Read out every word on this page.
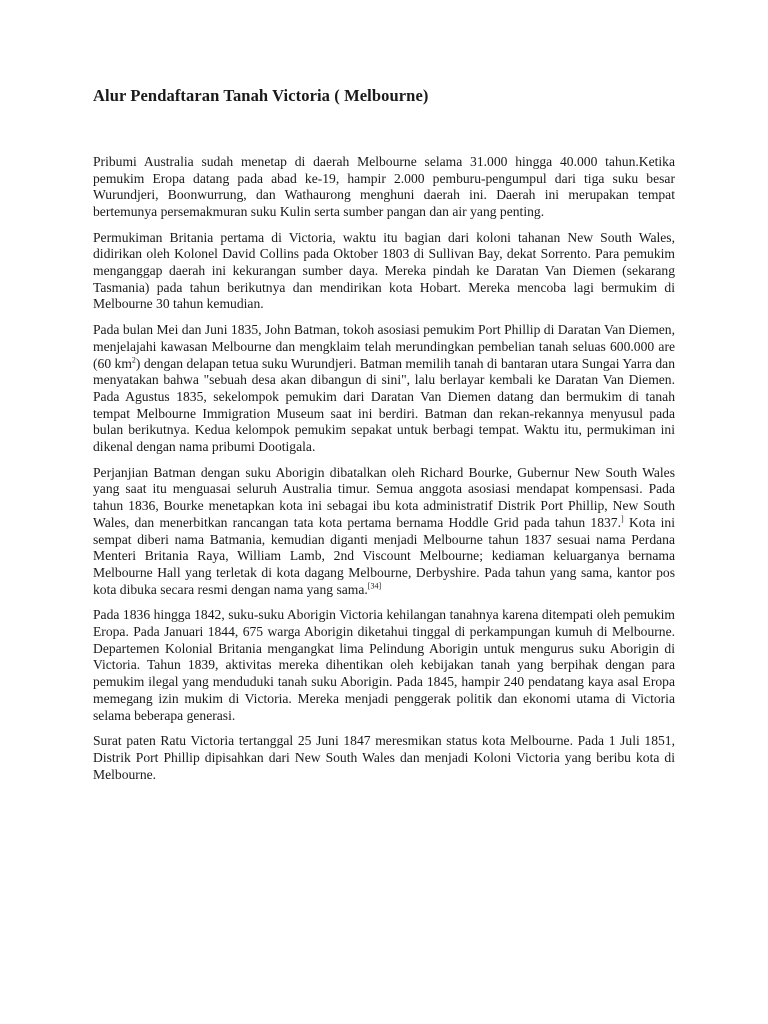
Alur Pendaftaran Tanah Victoria ( Melbourne)

Pribumi Australia sudah menetap di daerah Melbourne selama 31.000 hingga 40.000 tahun.Ketika pemukim Eropa datang pada abad ke-19, hampir 2.000 pemburu-pengumpul dari tiga suku besar Wurundjeri, Boonwurrung, dan Wathaurong menghuni daerah ini. Daerah ini merupakan tempat bertemunya persemakmuran suku Kulin serta sumber pangan dan air yang penting.

Permukiman Britania pertama di Victoria, waktu itu bagian dari koloni tahanan New South Wales, didirikan oleh Kolonel David Collins pada Oktober 1803 di Sullivan Bay, dekat Sorrento. Para pemukim menganggap daerah ini kekurangan sumber daya. Mereka pindah ke Daratan Van Diemen (sekarang Tasmania) pada tahun berikutnya dan mendirikan kota Hobart. Mereka mencoba lagi bermukim di Melbourne 30 tahun kemudian.

Pada bulan Mei dan Juni 1835, John Batman, tokoh asosiasi pemukim Port Phillip di Daratan Van Diemen, menjelajahi kawasan Melbourne dan mengklaim telah merundingkan pembelian tanah seluas 600.000 are (60 $km^2$) dengan delapan tetua suku Wurundjeri. Batman memilih tanah di bantaran utara Sungai Yarra dan menyatakan bahwa "sebuah desa akan dibangun di sini", lalu berlayar kembali ke Daratan Van Diemen. Pada Agustus 1835, sekelompok pemukim dari Daratan Van Diemen datang dan bermukim di tanah tempat Melbourne Immigration Museum saat ini berdiri. Batman dan rekan-rekannya menyusul pada bulan berikutnya. Kedua kelompok pemukim sepakat untuk berbagi tempat. Waktu itu, permukiman ini dikenal dengan nama pribumi Dootigala.

Perjanjian Batman dengan suku Aborigin dibatalkan oleh Richard Bourke, Gubernur New South Wales yang saat itu menguasai seluruh Australia timur. Semua anggota asosiasi mendapat kompensasi. Pada tahun 1836, Bourke menetapkan kota ini sebagai ibu kota administratif Distrik Port Phillip, New South Wales, dan menerbitkan rancangan tata kota pertama bernama Hoddle Grid pada tahun 1837.] Kota ini sempat diberi nama Batmania, kemudian diganti menjadi Melbourne tahun 1837 sesuai nama Perdana Menteri Britania Raya, William Lamb, 2nd Viscount Melbourne; kediaman keluarganya bernama Melbourne Hall yang terletak di kota dagang Melbourne, Derbyshire. Pada tahun yang sama, kantor pos kota dibuka secara resmi dengan nama yang sama.[34]

Pada 1836 hingga 1842, suku-suku Aborigin Victoria kehilangan tanahnya karena ditempati oleh pemukim Eropa. Pada Januari 1844, 675 warga Aborigin diketahui tinggal di perkampungan kumuh di Melbourne. Departemen Kolonial Britania mengangkat lima Pelindung Aborigin untuk mengurus suku Aborigin di Victoria. Tahun 1839, aktivitas mereka dihentikan oleh kebijakan tanah yang berpihak dengan para pemukim ilegal yang menduduki tanah suku Aborigin. Pada 1845, hampir 240 pendatang kaya asal Eropa memegang izin mukim di Victoria. Mereka menjadi penggerak politik dan ekonomi utama di Victoria selama beberapa generasi.

Surat paten Ratu Victoria tertanggal 25 Juni 1847 meresmikan status kota Melbourne. Pada 1 Juli 1851, Distrik Port Phillip dipisahkan dari New South Wales dan menjadi Koloni Victoria yang beribu kota di Melbourne.
